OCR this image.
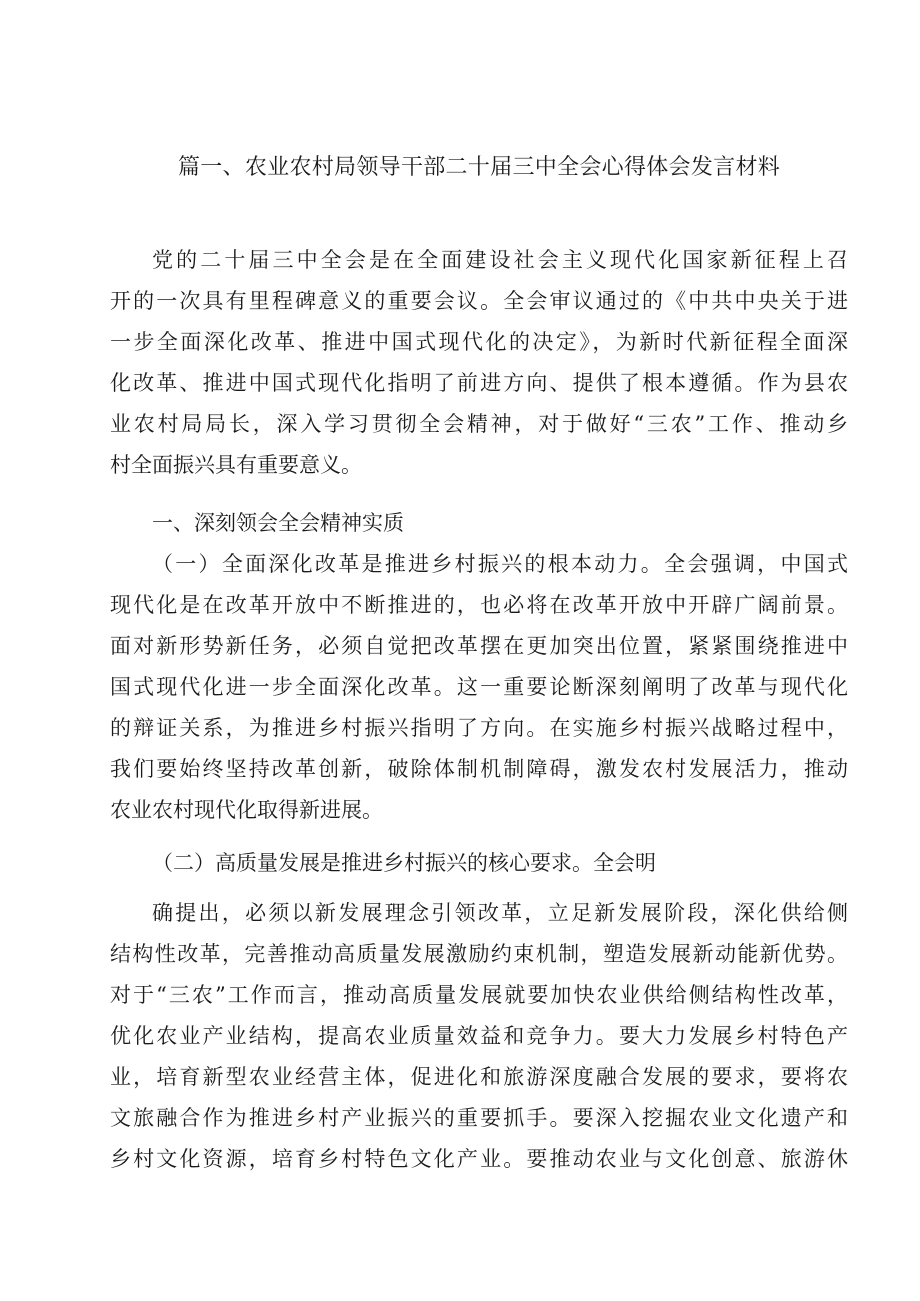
篇一、农业农村局领导干部二十届三中全会心得体会发言材料
党的二十届三中全会是在全面建设社会主义现代化国家新征程上召
开的一次具有里程碑意义的重要会议。全会审议通过的《中共中央关于进
一步全面深化改革、推进中国式现代化的决定》，为新时代新征程全面深
化改革、推进中国式现代化指明了前进方向、提供了根本遵循。作为县农
业农村局局长，深入学习贯彻全会精神，对于做好“三农”工作、推动乡
村全面振兴具有重要意义。
一、深刻领会全会精神实质
（一）全面深化改革是推进乡村振兴的根本动力。全会强调，中国式
现代化是在改革开放中不断推进的，也必将在改革开放中开辟广阔前景。
面对新形势新任务，必须自觉把改革摆在更加突出位置，紧紧围绕推进中
国式现代化进一步全面深化改革。这一重要论断深刻阐明了改革与现代化
的辩证关系，为推进乡村振兴指明了方向。在实施乡村振兴战略过程中，
我们要始终坚持改革创新，破除体制机制障碍，激发农村发展活力，推动
农业农村现代化取得新进展。
（二）高质量发展是推进乡村振兴的核心要求。全会明
确提出，必须以新发展理念引领改革，立足新发展阶段，深化供给侧
结构性改革，完善推动高质量发展激励约束机制，塑造发展新动能新优势。
对于“三农”工作而言，推动高质量发展就要加快农业供给侧结构性改革，
优化农业产业结构，提高农业质量效益和竞争力。要大力发展乡村特色产
业，培育新型农业经营主体，促进化和旅游深度融合发展的要求，要将农
文旅融合作为推进乡村产业振兴的重要抓手。要深入挖掘农业文化遗产和
乡村文化资源，培育乡村特色文化产业。要推动农业与文化创意、旅游休
